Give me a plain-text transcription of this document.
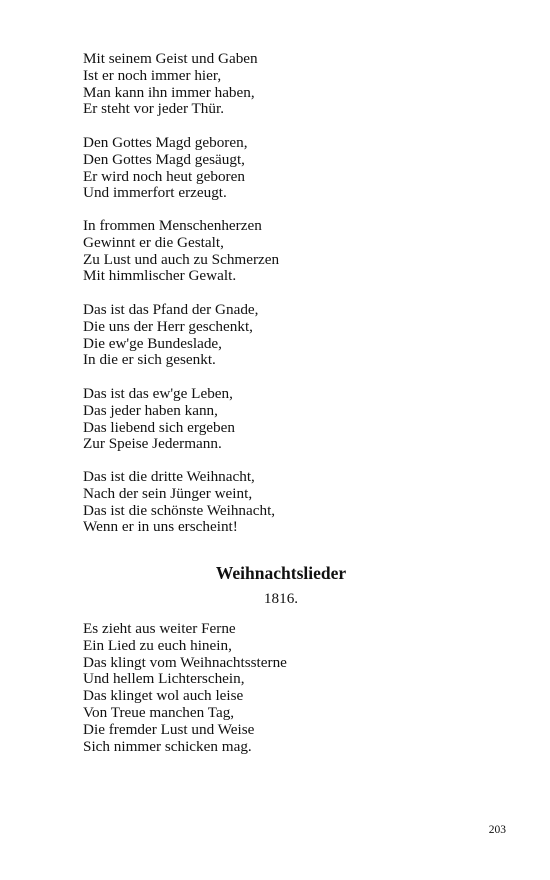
Mit seinem Geist und Gaben
Ist er noch immer hier,
Man kann ihn immer haben,
Er steht vor jeder Thür.
Den Gottes Magd geboren,
Den Gottes Magd gesäugt,
Er wird noch heut geboren
Und immerfort erzeugt.
In frommen Menschenherzen
Gewinnt er die Gestalt,
Zu Lust und auch zu Schmerzen
Mit himmlischer Gewalt.
Das ist das Pfand der Gnade,
Die uns der Herr geschenkt,
Die ew'ge Bundeslade,
In die er sich gesenkt.
Das ist das ew'ge Leben,
Das jeder haben kann,
Das liebend sich ergeben
Zur Speise Jedermann.
Das ist die dritte Weihnacht,
Nach der sein Jünger weint,
Das ist die schönste Weihnacht,
Wenn er in uns erscheint!
Weihnachtslieder
1816.
Es zieht aus weiter Ferne
Ein Lied zu euch hinein,
Das klingt vom Weihnachtssterne
Und hellem Lichterschein,
Das klinget wol auch leise
Von Treue manchen Tag,
Die fremder Lust und Weise
Sich nimmer schicken mag.
203
